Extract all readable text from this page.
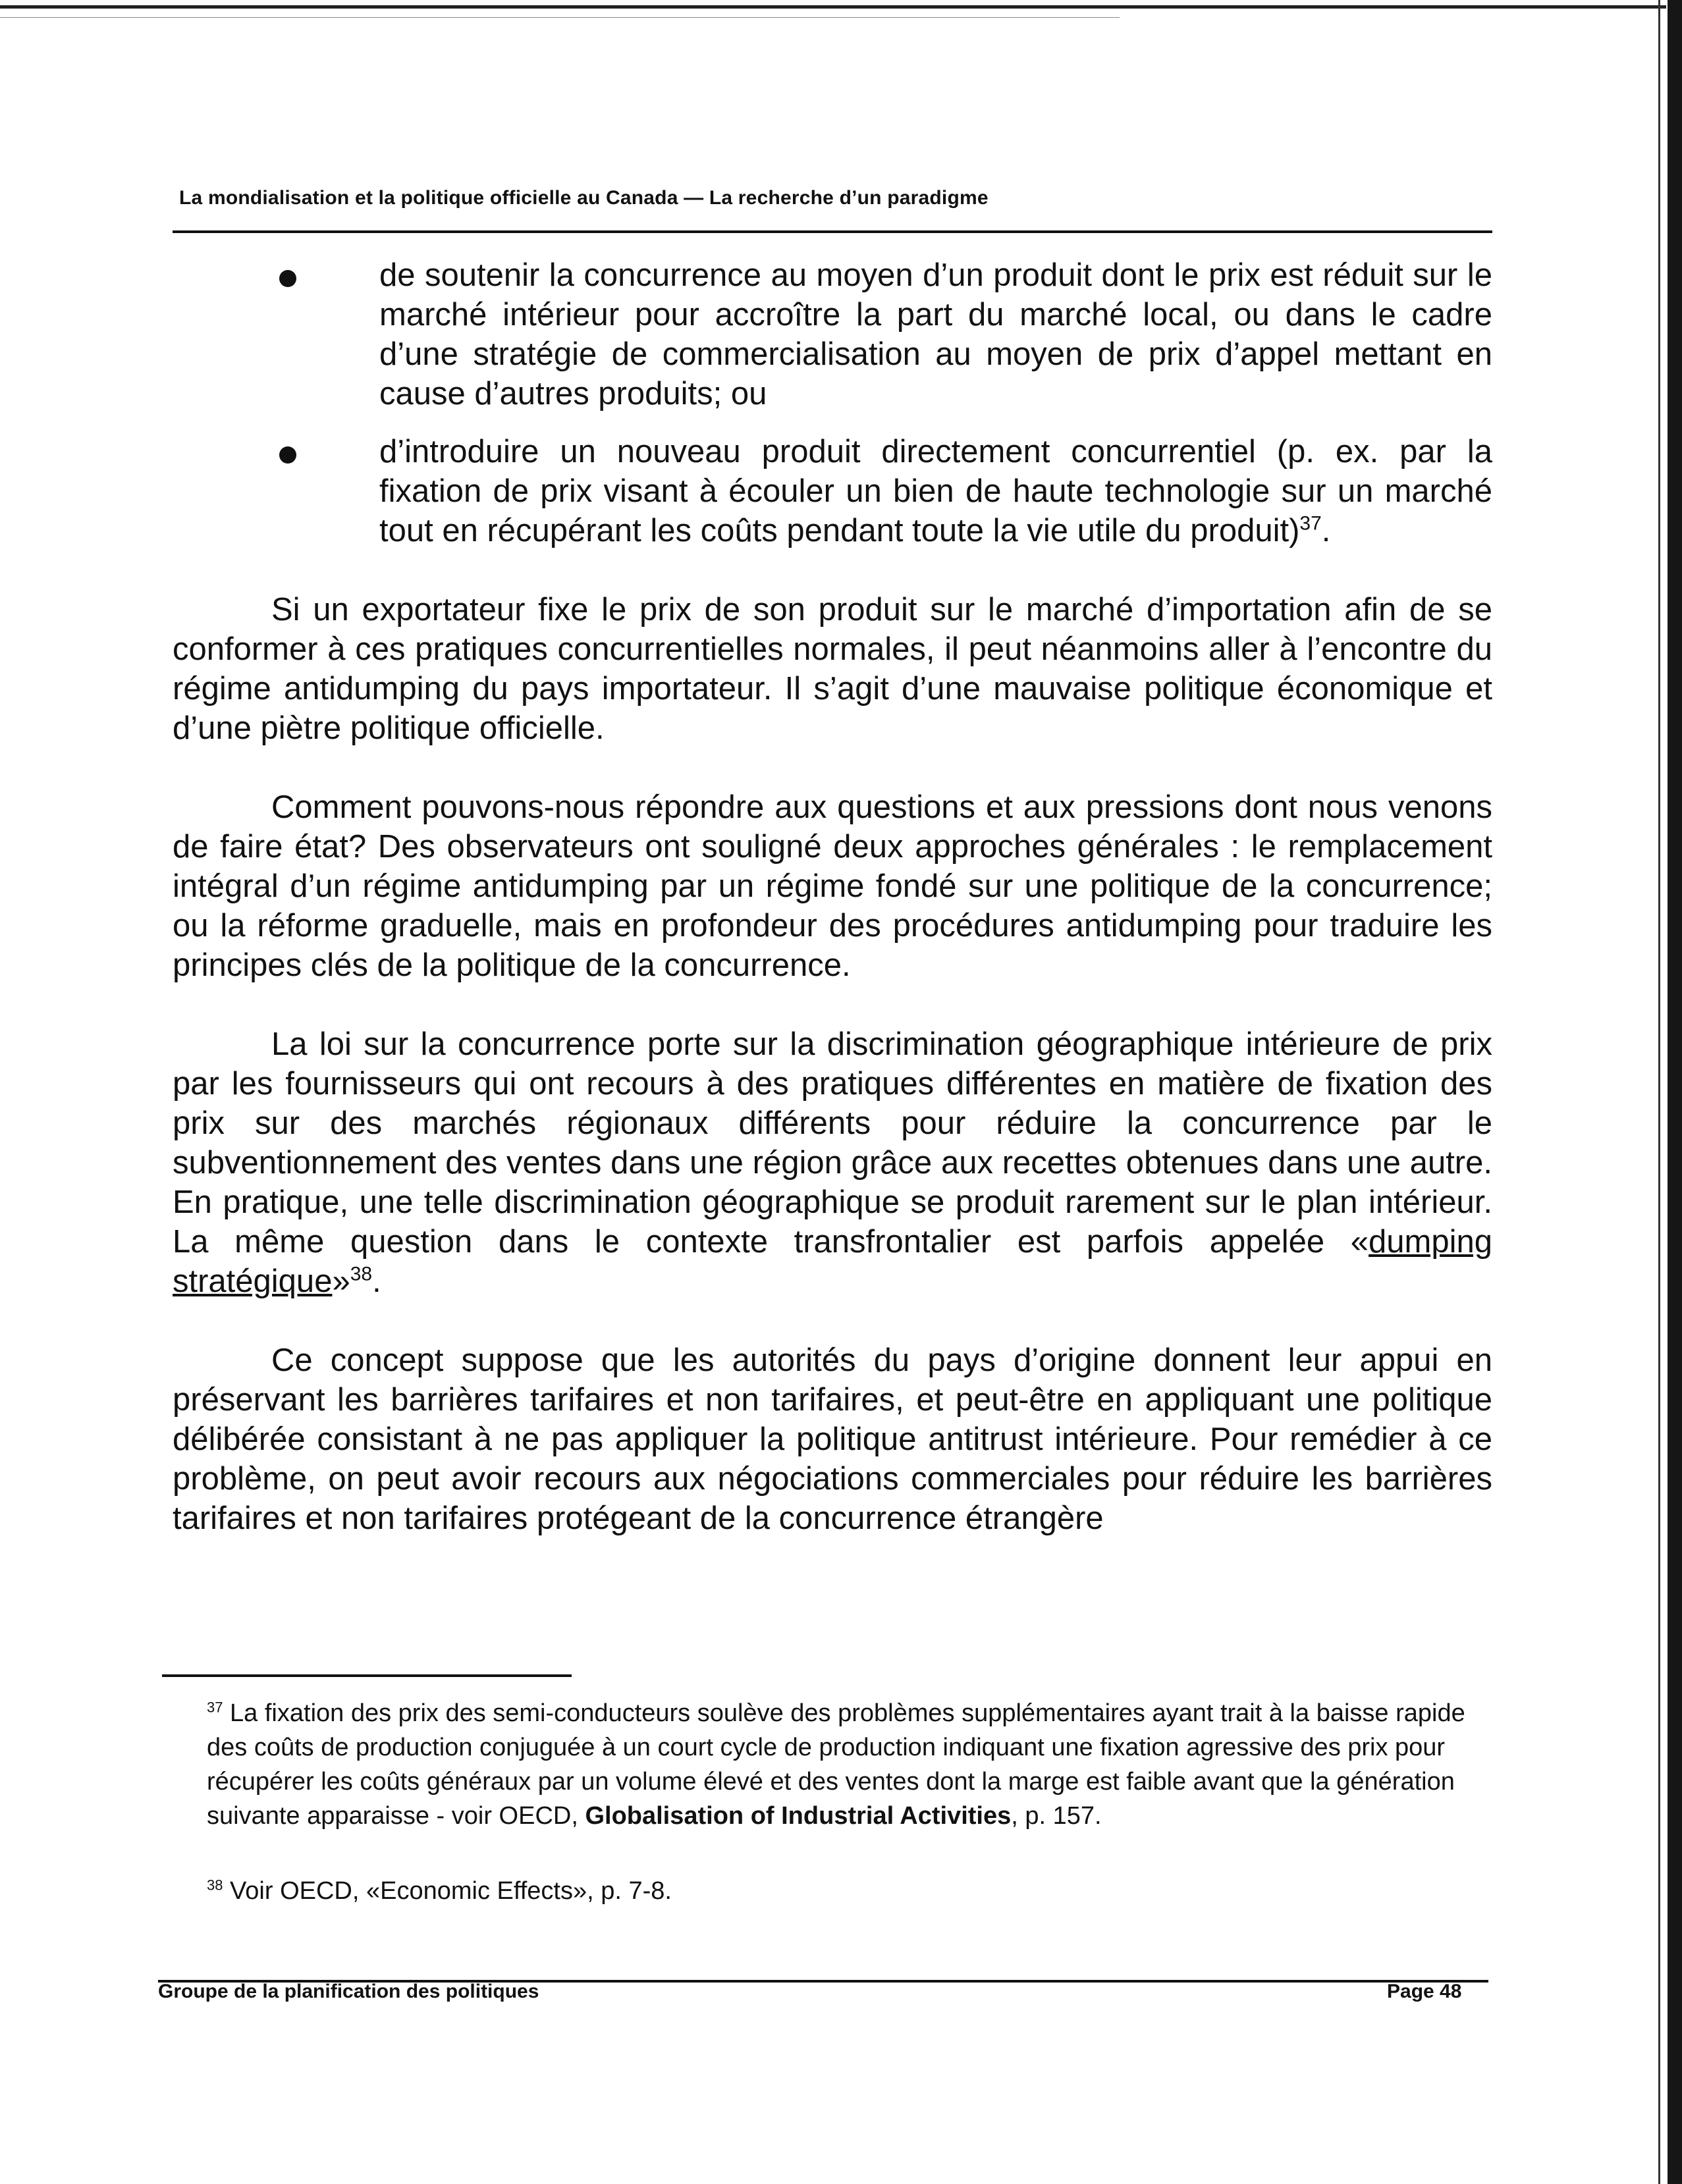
La mondialisation et la politique officielle au Canada — La recherche d’un paradigme

de soutenir la concurrence au moyen d’un produit dont le prix est réduit sur le marché intérieur pour accroître la part du marché local, ou dans le cadre d’une stratégie de commercialisation au moyen de prix d’appel mettant en cause d’autres produits; ou

d’introduire un nouveau produit directement concurrentiel (p. ex. par la fixation de prix visant à écouler un bien de haute technologie sur un marché tout en récupérant les coûts pendant toute la vie utile du produit)$^{37}$.

Si un exportateur fixe le prix de son produit sur le marché d’importation afin de se conformer à ces pratiques concurrentielles normales, il peut néanmoins aller à l’encontre du régime antidumping du pays importateur. Il s’agit d’une mauvaise politique économique et d’une piètre politique officielle.

Comment pouvons-nous répondre aux questions et aux pressions dont nous venons de faire état? Des observateurs ont souligné deux approches générales : le remplacement intégral d’un régime antidumping par un régime fondé sur une politique de la concurrence; ou la réforme graduelle, mais en profondeur des procédures antidumping pour traduire les principes clés de la politique de la concurrence.

La loi sur la concurrence porte sur la discrimination géographique intérieure de prix par les fournisseurs qui ont recours à des pratiques différentes en matière de fixation des prix sur des marchés régionaux différents pour réduire la concurrence par le subventionnement des ventes dans une région grâce aux recettes obtenues dans une autre. En pratique, une telle discrimination géographique se produit rarement sur le plan intérieur. La même question dans le contexte transfrontalier est parfois appelée «dumping stratégique»$^{38}$.

Ce concept suppose que les autorités du pays d’origine donnent leur appui en préservant les barrières tarifaires et non tarifaires, et peut-être en appliquant une politique délibérée consistant à ne pas appliquer la politique antitrust intérieure. Pour remédier à ce problème, on peut avoir recours aux négociations commerciales pour réduire les barrières tarifaires et non tarifaires protégeant de la concurrence étrangère

$^{37}$ La fixation des prix des semi-conducteurs soulève des problèmes supplémentaires ayant trait à la baisse rapide des coûts de production conjuguée à un court cycle de production indiquant une fixation agressive des prix pour récupérer les coûts généraux par un volume élevé et des ventes dont la marge est faible avant que la génération suivante apparaisse - voir OECD, Globalisation of Industrial Activities, p. 157.

$^{38}$ Voir OECD, «Economic Effects», p. 7-8.

Groupe de la planification des politiques	Page 48
